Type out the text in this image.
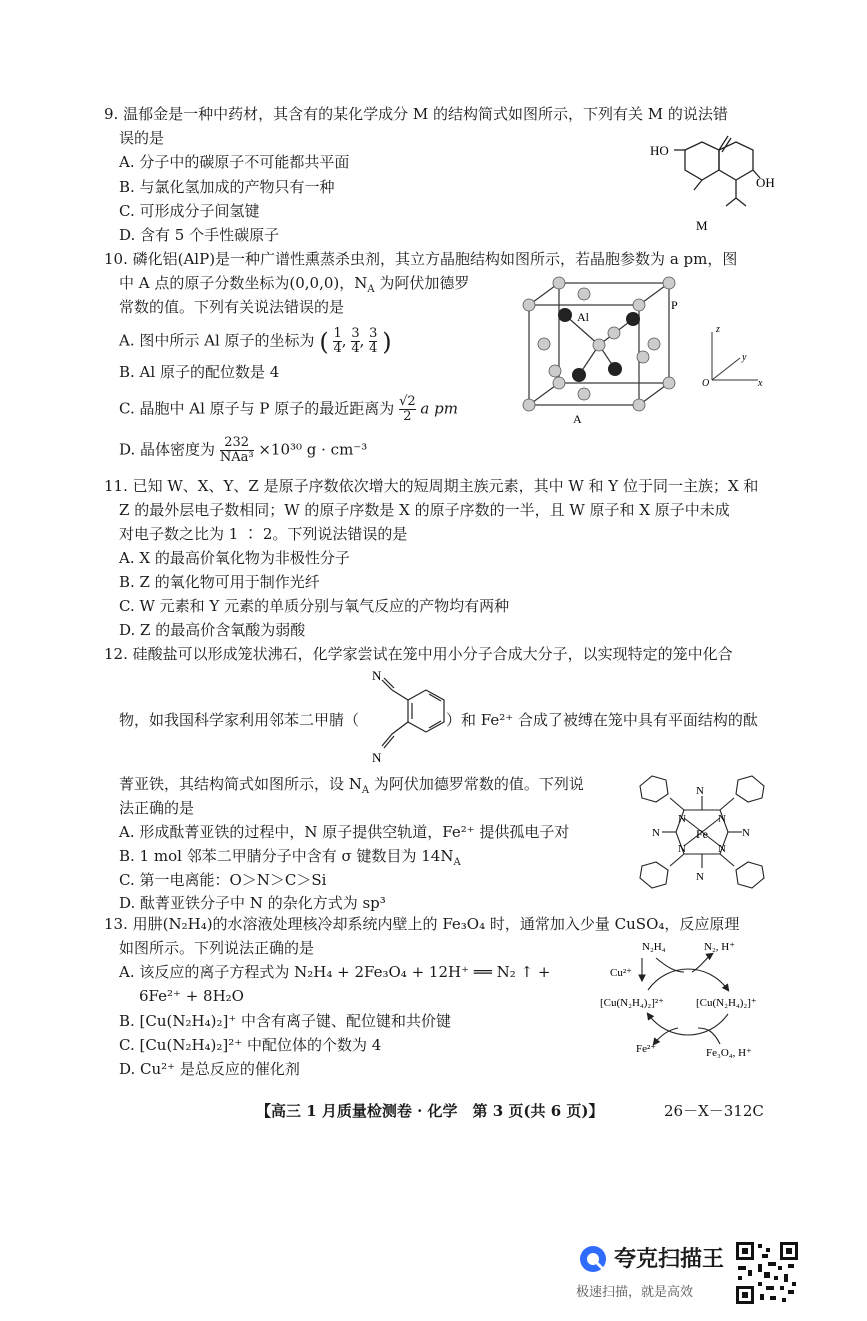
9. 温郁金是一种中药材，其含有的某化学成分 M 的结构简式如图所示，下列有关 M 的说法错
误的是
A. 分子中的碳原子不可能都共平面
B. 与氯化氢加成的产物只有一种
C. 可形成分子间氢键
D. 含有 5 个手性碳原子
HO
OH
M
10. 磷化铝(AlP)是一种广谱性熏蒸杀虫剂，其立方晶胞结构如图所示，若晶胞参数为 a pm，图
中 A 点的原子分数坐标为(0,0,0)，$N_A$ 为阿伏加德罗
常数的值。下列有关说法错误的是
A. 图中所示 Al 原子的坐标为 ( $\frac{1}{4}$ , $\frac{3}{4}$ , $\frac{3}{4}$ )
B. Al 原子的配位数是 4
C. 晶胞中 Al 原子与 P 原子的最近距离为 $\frac{√2}{2}$ a pm
D. 晶体密度为 232
NAa³ ×10³⁰ g · cm⁻³
Al
P
A
z
y
x
O
11. 已知 W、X、Y、Z 是原子序数依次增大的短周期主族元素，其中 W 和 Y 位于同一主族；X 和
Z 的最外层电子数相同；W 的原子序数是 X 的原子序数的一半，且 W 原子和 X 原子中未成
对电子数之比为 1 ∶ 2。下列说法错误的是
A. X 的最高价氧化物为非极性分子
B. Z 的氧化物可用于制作光纤
C. W 元素和 Y 元素的单质分别与氧气反应的产物均有两种
D. Z 的最高价含氧酸为弱酸
12. 硅酸盐可以形成笼状沸石，化学家尝试在笼中用小分子合成大分子，以实现特定的笼中化合
物，如我国科学家利用邻苯二甲腈（	）和 Fe²⁺ 合成了被缚在笼中具有平面结构的酞
N
N
菁亚铁，其结构简式如图所示，设 $N_A$ 为阿伏加德罗常数的值。下列说
法正确的是
A. 形成酞菁亚铁的过程中，N 原子提供空轨道，Fe²⁺ 提供孤电子对
B. 1 mol 邻苯二甲腈分子中含有 σ 键数目为 $14N_A$
C. 第一电离能：O＞N＞C＞Si
D. 酞菁亚铁分子中 N 的杂化方式为 sp³
Fe
N
N
N	N
N	N
N	N
13. 用肼(N₂H₄)的水溶液处理核冷却系统内壁上的 Fe₃O₄ 时，通常加入少量 CuSO₄，反应原理
如图所示。下列说法正确的是
A. 该反应的离子方程式为 N₂H₄ + 2Fe₃O₄ + 12H⁺ ══ N₂ ↑ +
6Fe²⁺ + 8H₂O
B. [Cu(N₂H₄)₂]⁺ 中含有离子键、配位键和共价键
C. [Cu(N₂H₄)₂]²⁺ 中配位体的个数为 4
D. Cu²⁺ 是总反应的催化剂
N₂H₄	N₂, H⁺
Cu²⁺
[Cu(N₂H₄)₂]²⁺	[Cu(N₂H₄)₂]⁺
Fe²⁺	Fe₃O₄, H⁺
【高三 1 月质量检测卷 · 化学　第 3 页(共 6 页)】	26－X－312C
夸克扫描王
极速扫描，就是高效
